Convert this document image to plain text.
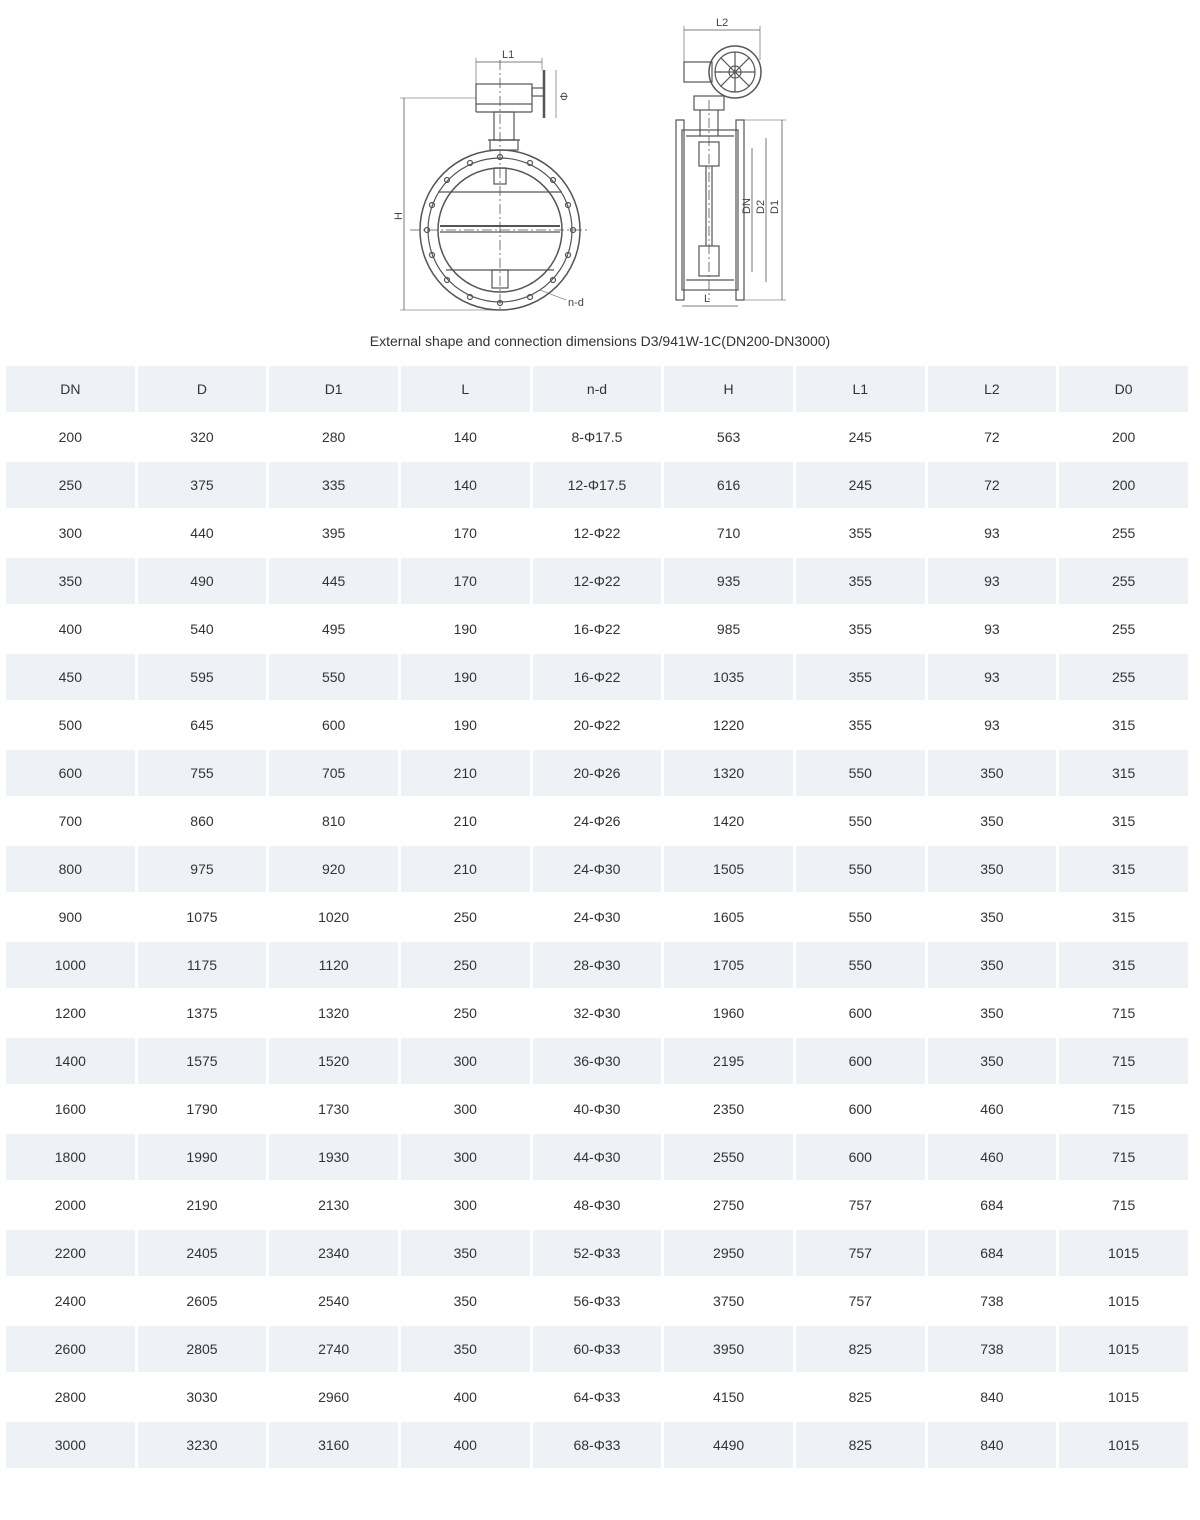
L1
Φ
H
n-d
L2
DN D2 D1
L
External shape and connection dimensions D3/941W-1C(DN200-DN3000)
DN	D	D1	L	n-d	H	L1	L2	D0
200	320	280	140	8-Φ17.5	563	245	72	200
250	375	335	140	12-Φ17.5	616	245	72	200
300	440	395	170	12-Φ22	710	355	93	255
350	490	445	170	12-Φ22	935	355	93	255
400	540	495	190	16-Φ22	985	355	93	255
450	595	550	190	16-Φ22	1035	355	93	255
500	645	600	190	20-Φ22	1220	355	93	315
600	755	705	210	20-Φ26	1320	550	350	315
700	860	810	210	24-Φ26	1420	550	350	315
800	975	920	210	24-Φ30	1505	550	350	315
900	1075	1020	250	24-Φ30	1605	550	350	315
1000	1175	1120	250	28-Φ30	1705	550	350	315
1200	1375	1320	250	32-Φ30	1960	600	350	715
1400	1575	1520	300	36-Φ30	2195	600	350	715
1600	1790	1730	300	40-Φ30	2350	600	460	715
1800	1990	1930	300	44-Φ30	2550	600	460	715
2000	2190	2130	300	48-Φ30	2750	757	684	715
2200	2405	2340	350	52-Φ33	2950	757	684	1015
2400	2605	2540	350	56-Φ33	3750	757	738	1015
2600	2805	2740	350	60-Φ33	3950	825	738	1015
2800	3030	2960	400	64-Φ33	4150	825	840	1015
3000	3230	3160	400	68-Φ33	4490	825	840	1015
